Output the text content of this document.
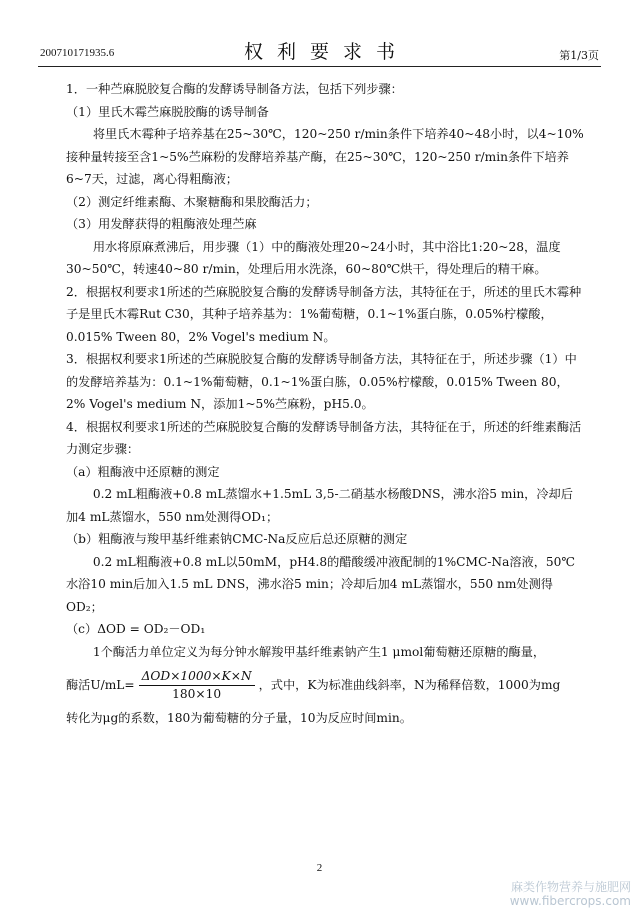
200710171935.6	权利要求书	第1/3页

1．一种苎麻脱胶复合酶的发酵诱导制备方法，包括下列步骤：

（1）里氏木霉苎麻脱胶酶的诱导制备

将里氏木霉种子培养基在25~30℃，120~250 r/min条件下培养40~48小时，以4~10%接种量转接至含1~5%苎麻粉的发酵培养基产酶，在25~30℃，120~250 r/min条件下培养6~7天，过滤，离心得粗酶液；

（2）测定纤维素酶、木聚糖酶和果胶酶活力；

（3）用发酵获得的粗酶液处理苎麻

用水将原麻煮沸后，用步骤（1）中的酶液处理20~24小时，其中浴比1:20~28，温度30~50℃，转速40~80 r/min，处理后用水洗涤，60~80℃烘干，得处理后的精干麻。

2．根据权利要求1所述的苎麻脱胶复合酶的发酵诱导制备方法，其特征在于，所述的里氏木霉种子是里氏木霉Rut C30，其种子培养基为：1%葡萄糖，0.1~1%蛋白胨，0.05%柠檬酸，0.015% Tween 80，2% Vogel's medium N。

3．根据权利要求1所述的苎麻脱胶复合酶的发酵诱导制备方法，其特征在于，所述步骤（1）中的发酵培养基为：0.1~1%葡萄糖，0.1~1%蛋白胨，0.05%柠檬酸，0.015% Tween 80，2% Vogel's medium N，添加1~5%苎麻粉，pH5.0。

4．根据权利要求1所述的苎麻脱胶复合酶的发酵诱导制备方法，其特征在于，所述的纤维素酶活力测定步骤：

（a）粗酶液中还原糖的测定

0.2 mL粗酶液+0.8 mL蒸馏水+1.5mL 3,5-二硝基水杨酸DNS，沸水浴5 min，冷却后加4 mL蒸馏水，550 nm处测得OD₁；

（b）粗酶液与羧甲基纤维素钠CMC-Na反应后总还原糖的测定

0.2 mL粗酶液+0.8 mL以50mM，pH4.8的醋酸缓冲液配制的1%CMC-Na溶液，50℃水浴10 min后加入1.5 mL DNS，沸水浴5 min；冷却后加4 mL蒸馏水，550 nm处测得OD₂；

（c）ΔOD = OD₂－OD₁

1个酶活力单位定义为每分钟水解羧甲基纤维素钠产生1 μmol葡萄糖还原糖的酶量，

酶活$U/mL= \frac{\text{ΔOD×1000×K×N}}{180\times 10}$ ，式中，K为标准曲线斜率，N为稀释倍数，1000为mg

转化为μg的系数，180为葡萄糖的分子量，10为反应时间min。

2
麻类作物营养与施肥网
www.fibercrops.com
